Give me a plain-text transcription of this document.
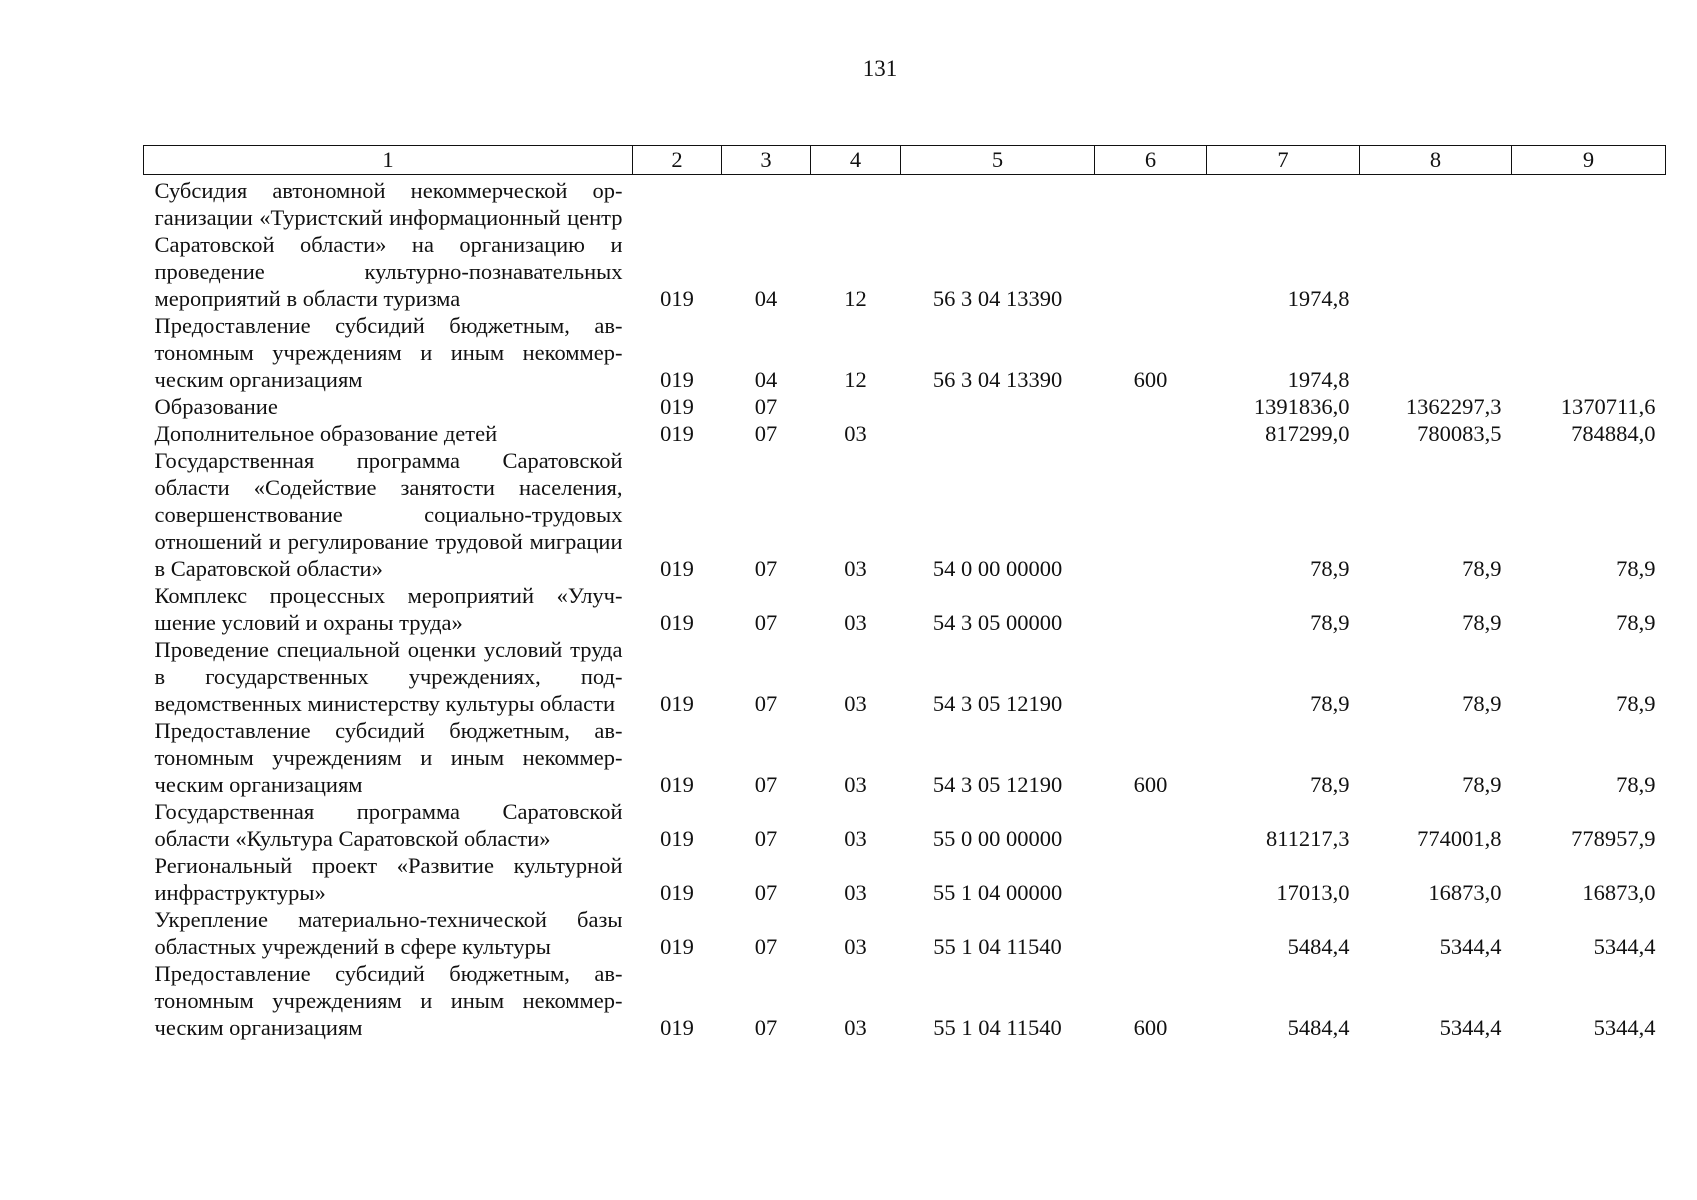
131
1	2	3	4	5	6	7	8	9
Субсидия автономной некоммерческой организации «Туристский информационный центр Саратовской области» на организацию и проведение культурно-познавательных мероприятий в области туризма	019	04	12	56 3 04 13390		1974,8		
Предоставление субсидий бюджетным, автономным учреждениям и иным некоммерческим организациям	019	04	12	56 3 04 13390	600	1974,8		
Образование	019	07				1391836,0	1362297,3	1370711,6
Дополнительное образование детей	019	07	03			817299,0	780083,5	784884,0
Государственная программа Саратовской области «Содействие занятости населения, совершенствование социально-трудовых отношений и регулирование трудовой миграции в Саратовской области»	019	07	03	54 0 00 00000		78,9	78,9	78,9
Комплекс процессных мероприятий «Улучшение условий и охраны труда»	019	07	03	54 3 05 00000		78,9	78,9	78,9
Проведение специальной оценки условий труда в государственных учреждениях, подведомственных министерству культуры области	019	07	03	54 3 05 12190		78,9	78,9	78,9
Предоставление субсидий бюджетным, автономным учреждениям и иным некоммерческим организациям	019	07	03	54 3 05 12190	600	78,9	78,9	78,9
Государственная программа Саратовской области «Культура Саратовской области»	019	07	03	55 0 00 00000		811217,3	774001,8	778957,9
Региональный проект «Развитие культурной инфраструктуры»	019	07	03	55 1 04 00000		17013,0	16873,0	16873,0
Укрепление материально-технической базы областных учреждений в сфере культуры	019	07	03	55 1 04 11540		5484,4	5344,4	5344,4
Предоставление субсидий бюджетным, автономным учреждениям и иным некоммерческим организациям	019	07	03	55 1 04 11540	600	5484,4	5344,4	5344,4
